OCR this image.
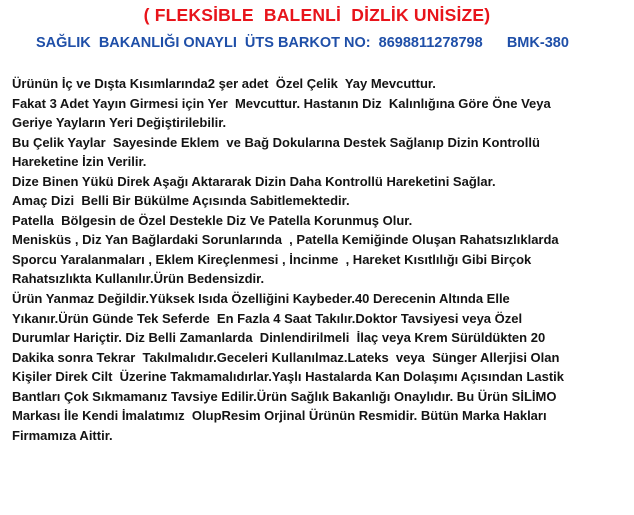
( FLEKSİBLE  BALENLİ  DİZLİK UNİSİZE)
SAĞLIK  BAKANLIĞI ONAYLI  ÜTS BARKOT NO:  8698811278798      BMK-380
Ürünün İç ve Dışta Kısımlarında2 şer adet  Özel Çelik  Yay Mevcuttur.
Fakat 3 Adet Yayın Girmesi için Yer  Mevcuttur. Hastanın Diz  Kalınlığına Göre Öne Veya
Geriye Yayların Yeri Değiştirilebilir.
Bu Çelik Yaylar  Sayesinde Eklem  ve Bağ Dokularına Destek Sağlanıp Dizin Kontrollü
Hareketine İzin Verilir.
Dize Binen Yükü Direk Aşağı Aktararak Dizin Daha Kontrollü Hareketini Sağlar.
Amaç Dizi  Belli Bir Bükülme Açısında Sabitlemektedir.
Patella  Bölgesin de Özel Destekle Diz Ve Patella Korunmuş Olur.
Menisküs , Diz Yan Bağlardaki Sorunlarında  , Patella Kemiğinde Oluşan Rahatsızlıklarda
Sporcu Yaralanmaları , Eklem Kireçlenmesi , İncinme  , Hareket Kısıtlılığı Gibi Birçok
Rahatsızlıkta Kullanılır.Ürün Bedensizdir.
Ürün Yanmaz Değildir.Yüksek Isıda Özelliğini Kaybeder.40 Derecenin Altında Elle
Yıkanır.Ürün Günde Tek Seferde  En Fazla 4 Saat Takılır.Doktor Tavsiyesi veya Özel
Durumlar Hariçtir. Diz Belli Zamanlarda  Dinlendirilmeli  İlaç veya Krem Sürüldükten 20
Dakika sonra Tekrar  Takılmalıdır.Geceleri Kullanılmaz.Lateks  veya  Sünger Allerjisi Olan
Kişiler Direk Cilt  Üzerine Takmamalıdırlar.Yaşlı Hastalarda Kan Dolaşımı Açısından Lastik
Bantları Çok Sıkmamanız Tavsiye Edilir.Ürün Sağlık Bakanlığı Onaylıdır. Bu Ürün SİLİMO
Markası İle Kendi İmalatımız  OlupResim Orjinal Ürünün Resmidir. Bütün Marka Hakları
Firmamıza Aittir.
